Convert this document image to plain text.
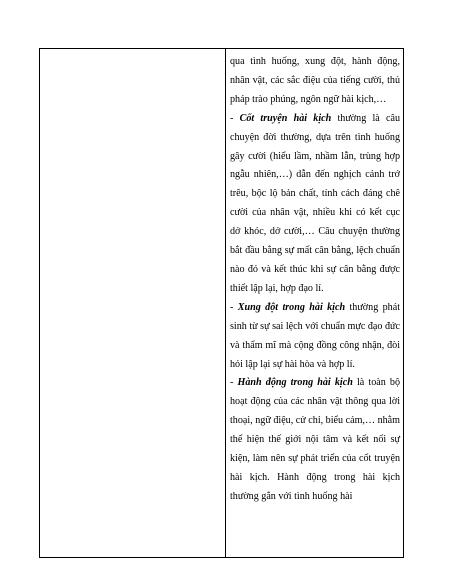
qua tình huống, xung đột, hành động, nhân vật, các sắc điệu của tiếng cười, thủ pháp trào phúng, ngôn ngữ hài kịch,…

- Cốt truyện hài kịch thường là câu chuyện đời thường, dựa trên tình huống gây cười (hiểu lầm, nhầm lẫn, trùng hợp ngẫu nhiên,…) dẫn đến nghịch cảnh trớ trêu, bộc lộ bản chất, tính cách đáng chê cười của nhân vật, nhiều khi có kết cục dở khóc, dở cười,… Câu chuyện thường bắt đầu bằng sự mất cân bằng, lệch chuẩn nào đó và kết thúc khi sự cân bằng được thiết lập lại, hợp đạo lí.

- Xung đột trong hài kịch thường phát sinh từ sự sai lệch với chuẩn mực đạo đức và thẩm mĩ mà cộng đồng công nhận, đòi hỏi lập lại sự hài hòa và hợp lí.

- Hành động trong hài kịch là toàn bộ hoạt động của các nhân vật thông qua lời thoại, ngữ điệu, cử chỉ, biểu cảm,… nhằm thể hiện thế giới nội tâm và kết nối sự kiện, làm nên sự phát triển của cốt truyện hài kịch. Hành động trong hài kịch thường gắn với tình huống hài
